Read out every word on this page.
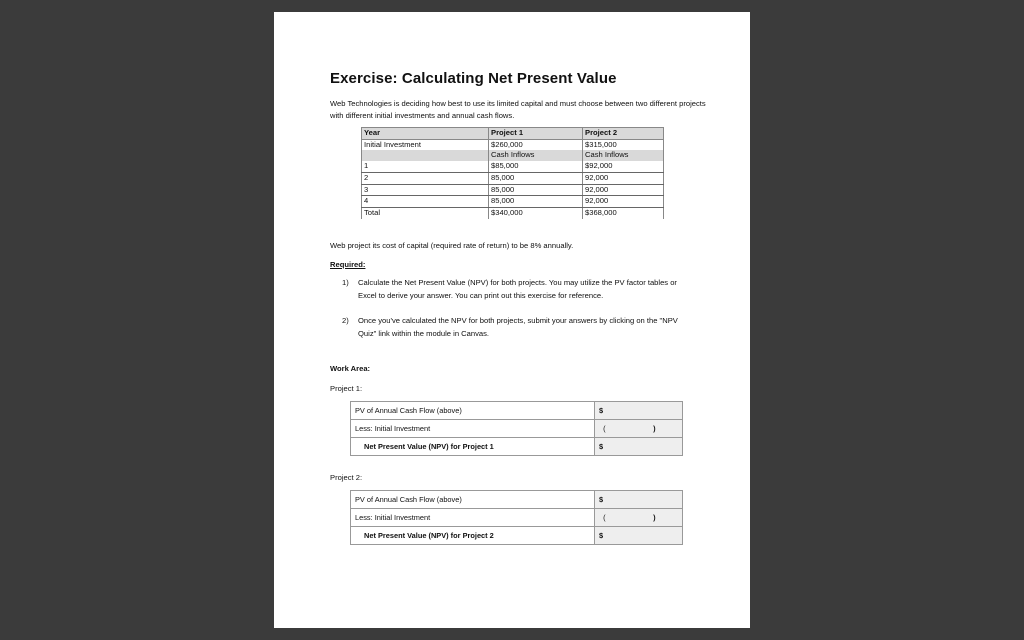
Exercise: Calculating Net Present Value
Web Technologies is deciding how best to use its limited capital and must choose between two different projects with different initial investments and annual cash flows.
Year	Project 1	Project 2
Initial Investment	$260,000	$315,000
	Cash Inflows	Cash Inflows
1	$85,000	$92,000
2	85,000	92,000
3	85,000	92,000
4	85,000	92,000
Total	$340,000	$368,000
Web project its cost of capital (required rate of return) to be 8% annually.
Required:
1) Calculate the Net Present Value (NPV) for both projects. You may utilize the PV factor tables or Excel to derive your answer. You can print out this exercise for reference.
2) Once you've calculated the NPV for both projects, submit your answers by clicking on the "NPV Quiz" link within the module in Canvas.
Work Area:
Project 1:
PV of Annual Cash Flow (above)	$
Less: Initial Investment	( )
Net Present Value (NPV) for Project 1	$
Project 2:
PV of Annual Cash Flow (above)	$
Less: Initial Investment	( )
Net Present Value (NPV) for Project 2	$
